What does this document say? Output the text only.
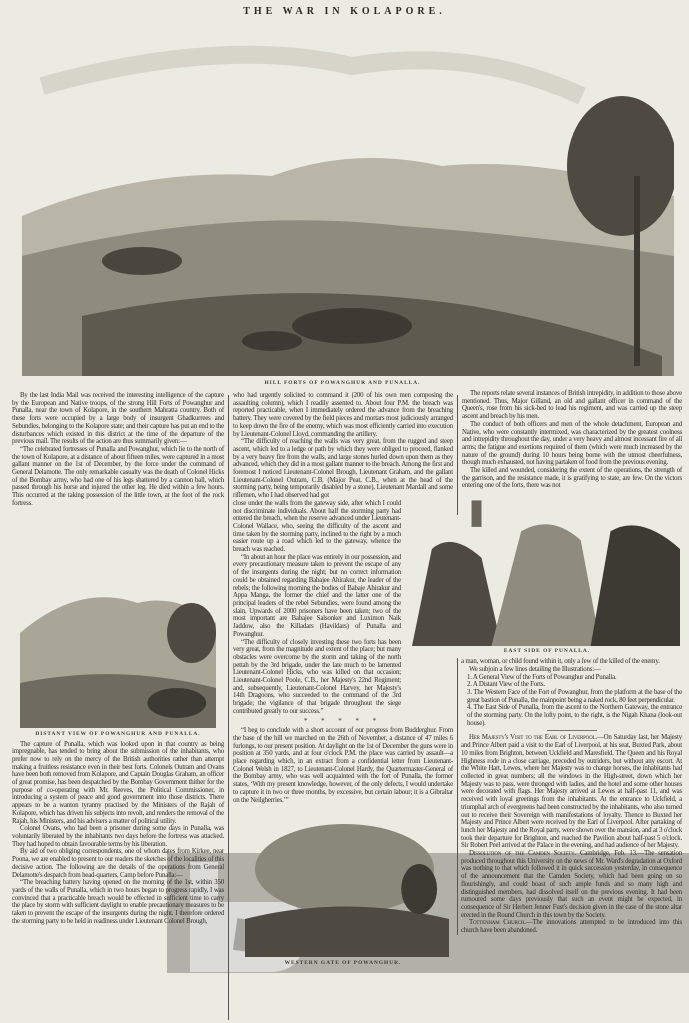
THE WAR IN KOLAPORE.
HILL FORTS OF POWANGHUR AND PUNALLA.

By the last India Mail was received the interesting intelligence of the capture by the European and Native troops, of the strong Hill Forts of Powanghur and Punalla, near the town of Kolapore, in the southern Mahratta country. Both of these forts were occupied by a large body of insurgent Ghadkurrees and Sebundies, belonging to the Kolapore state; and their capture has put an end to the disturbances which existed in this district at the time of the departure of the previous mail. The results of the action are thus summarily given:—

“The celebrated fortresses of Punalla and Powanghur, which lie to the north of the town of Kolapore, at a distance of about fifteen miles, were captured in a most gallant manner on the 1st of December, by the force under the command of General Delamotte. The only remarkable casualty was the death of Colonel Hicks of the Bombay army, who had one of his legs shattered by a cannon ball, which passed through his horse and injured the other leg. He died within a few hours. This occurred at the taking possession of the little town, at the foot of the rock fortress.

DISTANT VIEW OF POWANGHUR AND PUNALLA.

The capture of Punalla, which was looked upon in that country as being impregnable, has tended to bring about the submission of the inhabitants, who prefer now to rely on the mercy of the British authorities rather than attempt making a fruitless resistance even in their best forts. Colonels Outram and Ovans have been both removed from Kolapore, and Captain Douglas Graham, an officer of great promise, has been despatched by the Bombay Government thither for the purpose of co-operating with Mr. Reeves, the Political Commissioner, in introducing a system of peace and good government into those districts. There appears to be a wanton tyranny practised by the Ministers of the Rajah of Kolapore, which has driven his subjects into revolt, and renders the removal of the Rajah, his Ministers, and his advisers a matter of political utility.

Colonel Ovans, who had been a prisoner during some days in Punalla, was voluntarily liberated by the inhabitants two days before the fortress was attacked. They had hoped to obtain favourable terms by his liberation.

By aid of two obliging correspondents, one of whom dates from Kirkee, near Poona, we are enabled to present to our readers the sketches of the localities of this decisive action. The following are the details of the operations from General Delamotte's despatch from head-quarters, Camp before Punalla:—

“The breaching battery having opened on the morning of the 1st, within 350 yards of the walls of Punalla, which in two hours began to progress rapidly, I was convinced that a practicable breach would be effected in sufficient time to carry the place by storm with sufficient daylight to enable precautionary measures to be taken to prevent the escape of the insurgents during the night. I therefore ordered the storming party to be held in readiness under Lieutenant Colonel Brough,

who had urgently solicited to command it (200 of his own men composing the assaulting column), which I readily assented to. About four P.M. the breach was reported practicable, when I immediately ordered the advance from the breaching battery. They were covered by the field pieces and mortars most judiciously arranged to keep down the fire of the enemy, which was most efficiently carried into execution by Lieutenant-Colonel Lloyd, commanding the artillery.

“The difficulty of reaching the walls was very great, from the rugged and steep ascent, which led to a ledge or path by which they were obliged to proceed, flanked by a very heavy fire from the walls, and large stones hurled down upon them as they advanced, which they did in a most gallant manner to the breach. Among the first and foremost I noticed Lieutenant-Colonel Brough, Lieutenant Graham, and the gallant Lieutenant-Colonel Outram, C.B. (Major Peat, C.B., when at the head of the storming party, being temporarily disabled by a stone), Lieutenant Mardall and some riflemen, who I had observed had got

close under the walls from the gateway side, after which I could not discriminate individuals. About half the storming party had entered the breach, when the reserve advanced under Lieutenant-Colonel Wallace, who, seeing the difficulty of the ascent and time taken by the storming party, inclined to the right by a much easier route up a road which led to the gateway, whence the breach was reached.

“In about an hour the place was entirely in our possession, and every precautionary measure taken to prevent the escape of any of the insurgents during the night; but no correct information could be obtained regarding Babajee Ahirakur, the leader of the rebels; the following morning the bodies of Babaje Ahirakur and Appa Manga, the former the chief and the latter one of the principal leaders of the rebel Sebundies, were found among the slain. Upwards of 2000 prisoners have been taken; two of the most important are Babajee Salsonker and Luximon Naik Jaddow, also the Killadars (Havildars) of Punalla and Powanghur.

“The difficulty of closely investing these two forts has been very great, from the magnitude and extent of the place; but many obstacles were overcome by the storm and taking of the north pettah by the 3rd brigade, under the late much to be lamented Lieutenant-Colonel Hicks, who was killed on that occasion; Lieutenant-Colonel Poole, C.B., her Majesty's 22nd Regiment; and, subsequently, Lieutenant-Colonel Harvey, her Majesty's 14th Dragoons, who succeeded to the command of the 3rd brigade; the vigilance of that brigade throughout the siege contributed greatly to our success.”

* * * * *

“I beg to conclude with a short account of our progress from Budderghur. From the base of the hill we marched on the 26th of November, a distance of 47 miles 6 furlongs, to our present position. At daylight on the 1st of December the guns were in position at 350 yards, and at four o'clock P.M. the place was carried by assault—a place regarding which, in an extract from a confidential letter from Lieutenant-Colonel Welsh in 1827, to Lieutenant-Colonel Hardy, the Quartermaster-General of the Bombay army, who was well acquainted with the fort of Punalla, the former states, ‘With my present knowledge, however, of the only defects, I would undertake to capture it in two or three months, by excessive, but certain labour; it is a Gibraltar on the Neilgherries.’”

WESTERN GATE OF POWANGHUR.

The reports relate several instances of British intrepidity, in addition to those above mentioned. Thus, Major Gilland, an old and gallant officer in command of the Queen's, rose from his sick-bed to lead his regiment, and was carried up the steep ascent and breach by his men.

The conduct of both officers and men of the whole detachment, European and Native, who were constantly intermixed, was characterized by the greatest coolness and intrepidity throughout the day, under a very heavy and almost incessant fire of all arms; the fatigue and exertions required of them (which were much increased by the nature of the ground) during 10 hours being borne with the utmost cheerfulness, though much exhausted, not having partaken of food from the previous evening.

The killed and wounded, considering the extent of the operations, the strength of the garrison, and the resistance made, it is gratifying to state, are few. On the victors entering one of the forts, there was not

EAST SIDE OF PUNALLA.

a man, woman, or child found within it, only a few of the killed of the enemy.

We subjoin a few lines detailing the Illustrations:—

1. A General View of the Forts of Powanghur and Punalla.

2. A Distant View of the Forts.

3. The Western Face of the Fort of Powanghur, from the platform at the base of the great bastion of Punalla, the mainpoint being a naked rock, 80 feet perpendicular.

4. The East Side of Punalla, from the ascent to the Northern Gateway, the entrance of the storming party. On the lofty point, to the right, is the Nigah Khana (look-out house).

Her Majesty's Visit to the Earl of Liverpool.—On Saturday last, her Majesty and Prince Albert paid a visit to the Earl of Liverpool, at his seat, Buxted Park, about 10 miles from Brighton, between Uckfield and Maresfield. The Queen and his Royal Highness rode in a close carriage, preceded by outriders, but without any escort. At the White Hart, Lewes, where her Majesty was to change horses, the inhabitants had collected in great numbers; all the windows in the High-street, down which her Majesty was to pass, were thronged with ladies, and the hotel and some other houses were decorated with flags. Her Majesty arrived at Lewes at half-past 11, and was received with loyal greetings from the inhabitants. At the entrance to Uckfield, a triumphal arch of evergreens had been constructed by the inhabitants, who also turned out to receive their Sovereign with manifestations of loyalty. Thence to Buxted her Majesty and Prince Albert were received by the Earl of Liverpool. After partaking of lunch her Majesty and the Royal party, were shown over the mansion, and at 3 o'clock took their departure for Brighton, and reached the Pavilion about half-past 5 o'clock. Sir Robert Peel arrived at the Palace in the evening, and had audience of her Majesty.

Dissolution of the Camden Society. Cambridge, Feb. 13.—The sensation produced throughout this University on the news of Mr. Ward's degradation at Oxford was nothing to that which followed it in quick succession yesterday, in consequence of the announcement that the Camden Society, which had been going on so flourishingly, and could boast of such ample funds and so many high and distinguished members, had dissolved itself on the previous evening. It had been rumoured some days previously that such an event might be expected, in consequence of Sir Herbert Jenner Fust's decision given in the case of the stone altar erected in the Round Church in this town by the Society.

Tottenham Church.—The innovations attempted to be introduced into this church have been abandoned.
